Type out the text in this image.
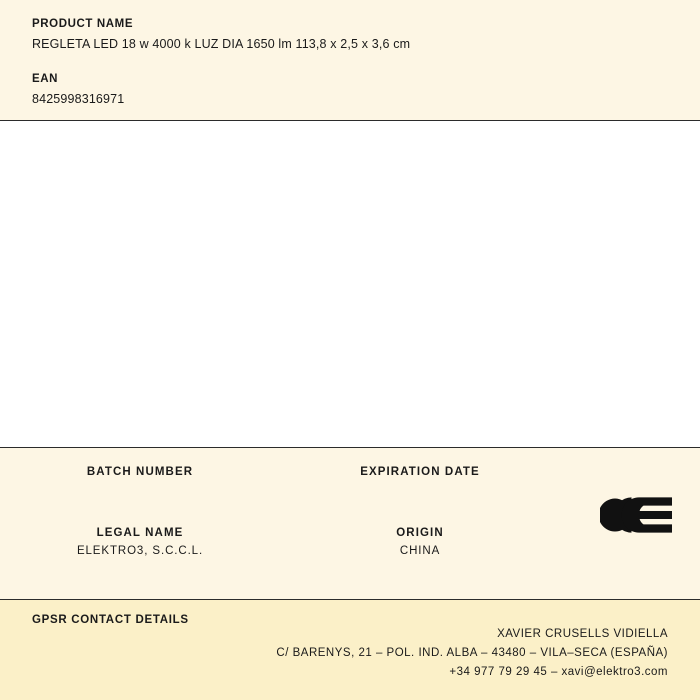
PRODUCT NAME

REGLETA LED 18 w 4000 k LUZ DIA 1650 lm 113,8 x 2,5 x 3,6 cm

EAN

8425998316971

BATCH NUMBER	EXPIRATION DATE

LEGAL NAME

ELEKTRO3, S.C.C.L.

ORIGIN

CHINA

GPSR CONTACT DETAILS

XAVIER CRUSELLS VIDIELLA

C/ BARENYS, 21 – POL. IND. ALBA – 43480 – VILA–SECA (ESPAÑA)

+34 977 79 29 45 – xavi@elektro3.com
